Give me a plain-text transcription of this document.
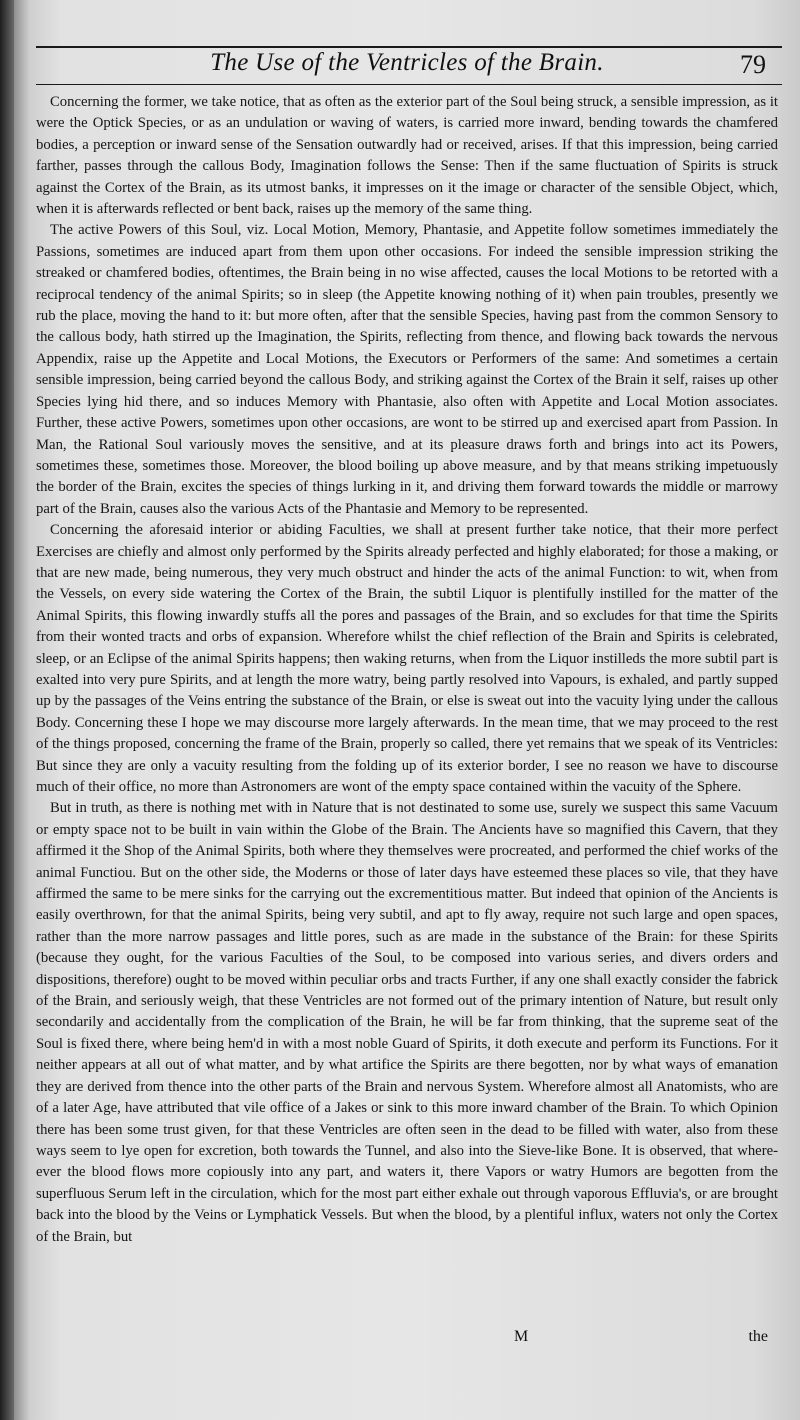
The Use of the Ventricles of the Brain.	79

Concerning the former, we take notice, that as often as the exterior part of the Soul being struck, a sensible impression, as it were the Optick Species, or as an undulation or waving of waters, is carried more inward, bending towards the chamfered bodies, a perception or inward sense of the Sensation outwardly had or received, arises. If that this impression, being carried farther, passes through the callous Body, Imagination follows the Sense: Then if the same fluctuation of Spirits is struck against the Cortex of the Brain, as its utmost banks, it impresses on it the image or character of the sensible Object, which, when it is afterwards reflected or bent back, raises up the memory of the same thing.

The active Powers of this Soul, viz. Local Motion, Memory, Phantasie, and Appetite follow sometimes immediately the Passions, sometimes are induced apart from them upon other occasions. For indeed the sensible impression striking the streaked or chamfered bodies, oftentimes, the Brain being in no wise affected, causes the local Motions to be retorted with a reciprocal tendency of the animal Spirits; so in sleep (the Appetite knowing nothing of it) when pain troubles, presently we rub the place, moving the hand to it: but more often, after that the sensible Species, having past from the common Sensory to the callous body, hath stirred up the Imagination, the Spirits, reflecting from thence, and flowing back towards the nervous Appendix, raise up the Appetite and Local Motions, the Executors or Performers of the same: And sometimes a certain sensible impression, being carried beyond the callous Body, and striking against the Cortex of the Brain it self, raises up other Species lying hid there, and so induces Memory with Phantasie, also often with Appetite and Local Motion associates. Further, these active Powers, sometimes upon other occasions, are wont to be stirred up and exercised apart from Passion. In Man, the Rational Soul variously moves the sensitive, and at its pleasure draws forth and brings into act its Powers, sometimes these, sometimes those. Moreover, the blood boiling up above measure, and by that means striking impetuously the border of the Brain, excites the species of things lurking in it, and driving them forward towards the middle or marrowy part of the Brain, causes also the various Acts of the Phantasie and Memory to be represented.

Concerning the aforesaid interior or abiding Faculties, we shall at present further take notice, that their more perfect Exercises are chiefly and almost only performed by the Spirits already perfected and highly elaborated; for those a making, or that are new made, being numerous, they very much obstruct and hinder the acts of the animal Function: to wit, when from the Vessels, on every side watering the Cortex of the Brain, the subtil Liquor is plentifully instilled for the matter of the Animal Spirits, this flowing inwardly stuffs all the pores and passages of the Brain, and so excludes for that time the Spirits from their wonted tracts and orbs of expansion. Wherefore whilst the chief reflection of the Brain and Spirits is celebrated, sleep, or an Eclipse of the animal Spirits happens; then waking returns, when from the Liquor instilleds the more subtil part is exalted into very pure Spirits, and at length the more watry, being partly resolved into Vapours, is exhaled, and partly supped up by the passages of the Veins entring the substance of the Brain, or else is sweat out into the vacuity lying under the callous Body. Concerning these I hope we may discourse more largely afterwards. In the mean time, that we may proceed to the rest of the things proposed, concerning the frame of the Brain, properly so called, there yet remains that we speak of its Ventricles: But since they are only a vacuity resulting from the folding up of its exterior border, I see no reason we have to discourse much of their office, no more than Astronomers are wont of the empty space contained within the vacuity of the Sphere.

But in truth, as there is nothing met with in Nature that is not destinated to some use, surely we suspect this same Vacuum or empty space not to be built in vain within the Globe of the Brain. The Ancients have so magnified this Cavern, that they affirmed it the Shop of the Animal Spirits, both where they themselves were procreated, and performed the chief works of the animal Functiou. But on the other side, the Moderns or those of later days have esteemed these places so vile, that they have affirmed the same to be mere sinks for the carrying out the excrementitious matter. But indeed that opinion of the Ancients is easily overthrown, for that the animal Spirits, being very subtil, and apt to fly away, require not such large and open spaces, rather than the more narrow passages and little pores, such as are made in the substance of the Brain: for these Spirits (because they ought, for the various Faculties of the Soul, to be composed into various series, and divers orders and dispositions, therefore) ought to be moved within peculiar orbs and tracts Further, if any one shall exactly consider the fabrick of the Brain, and seriously weigh, that these Ventricles are not formed out of the primary intention of Nature, but result only secondarily and accidentally from the complication of the Brain, he will be far from thinking, that the supreme seat of the Soul is fixed there, where being hem'd in with a most noble Guard of Spirits, it doth execute and perform its Functions. For it neither appears at all out of what matter, and by what artifice the Spirits are there begotten, nor by what ways of emanation they are derived from thence into the other parts of the Brain and nervous System. Wherefore almost all Anatomists, who are of a later Age, have attributed that vile office of a Jakes or sink to this more inward chamber of the Brain. To which Opinion there has been some trust given, for that these Ventricles are often seen in the dead to be filled with water, also from these ways seem to lye open for excretion, both towards the Tunnel, and also into the Sieve-like Bone. It is observed, that where-ever the blood flows more copiously into any part, and waters it, there Vapors or watry Humors are begotten from the superfluous Serum left in the circulation, which for the most part either exhale out through vaporous Effluvia's, or are brought back into the blood by the Veins or Lymphatick Vessels. But when the blood, by a plentiful influx, waters not only the Cortex of the Brain, but

M	the
